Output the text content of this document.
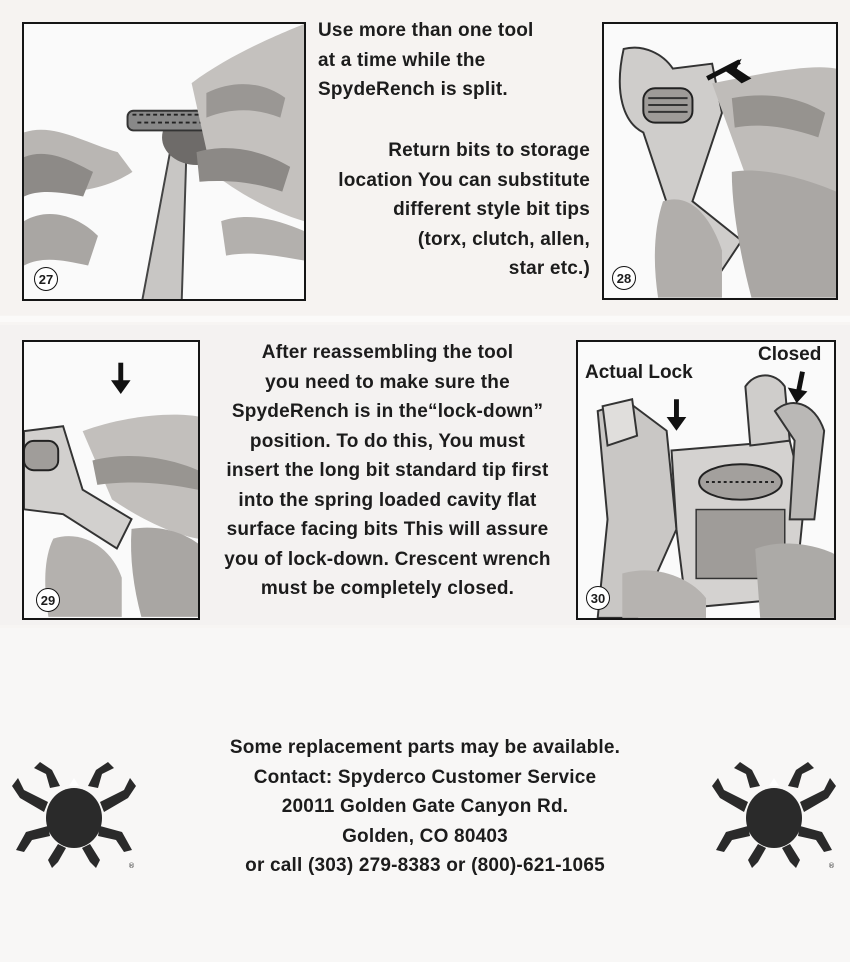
27
Use more than one tool
at a time while the
SpydeRench is split.
Return bits to storage
location You can substitute
different style bit tips
(torx, clutch, allen,
star etc.)	28
29
After reassembling the tool
you need to make sure the
SpydeRench is in the“lock-down”
position. To do this, You must
insert the long bit standard tip first
into the spring loaded cavity flat
surface facing bits This will assure
you of lock-down. Crescent wrench
must be completely closed.	30
Actual Lock
Closed
Some replacement parts may be available.
Contact: Spyderco Customer Service
20011 Golden Gate Canyon Rd.
Golden, CO 80403
or call (303) 279-8383 or (800)-621-1065
®	®
